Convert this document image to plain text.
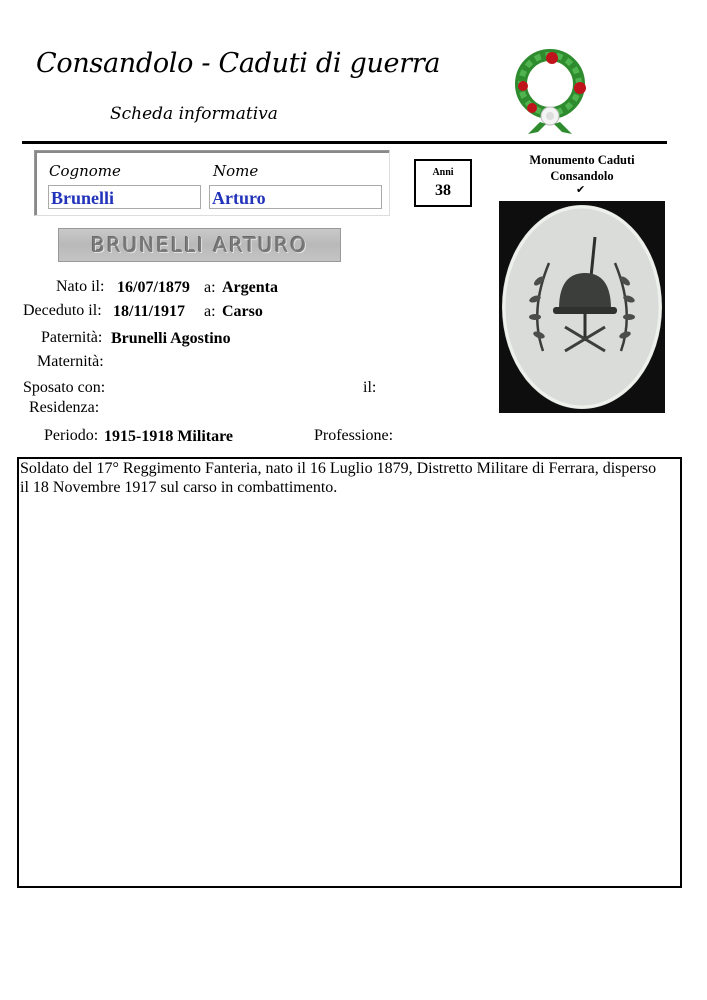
Consandolo - Caduti di guerra
Scheda informativa
Cognome	Nome
Brunelli	Arturo
Anni
38
Monumento Caduti Consandolo
✔
BRUNELLI ARTURO
Nato il: 16/07/1879 a: Argenta
Deceduto il: 18/11/1917 a: Carso
Paternità: Brunelli Agostino
Maternità:
Sposato con:	il:
Residenza:
Periodo: 1915-1918 Militare	Professione:
Soldato del 17° Reggimento Fanteria, nato il 16 Luglio 1879, Distretto Militare di Ferrara, disperso
il 18 Novembre 1917 sul carso in combattimento.
